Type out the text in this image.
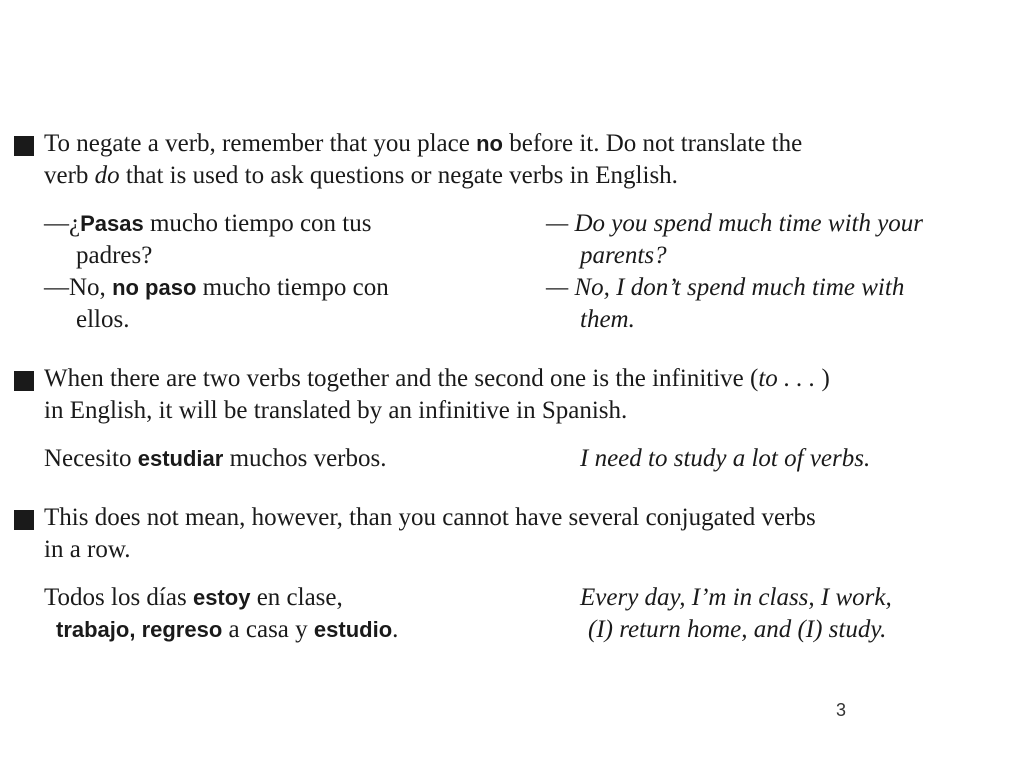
To negate a verb, remember that you place no before it. Do not translate the
verb do that is used to ask questions or negate verbs in English.
—¿Pasas mucho tiempo con tus
padres?
—No, no paso mucho tiempo con
ellos.
— Do you spend much time with your
parents?
— No, I don’t spend much time with
them.
When there are two verbs together and the second one is the infinitive (to . . . )
in English, it will be translated by an infinitive in Spanish.
Necesito estudiar muchos verbos.	I need to study a lot of verbs.
This does not mean, however, than you cannot have several conjugated verbs
in a row.
Todos los días estoy en clase,
trabajo, regreso a casa y estudio.
Every day, I’m in class, I work,
(I) return home, and (I) study.
3
